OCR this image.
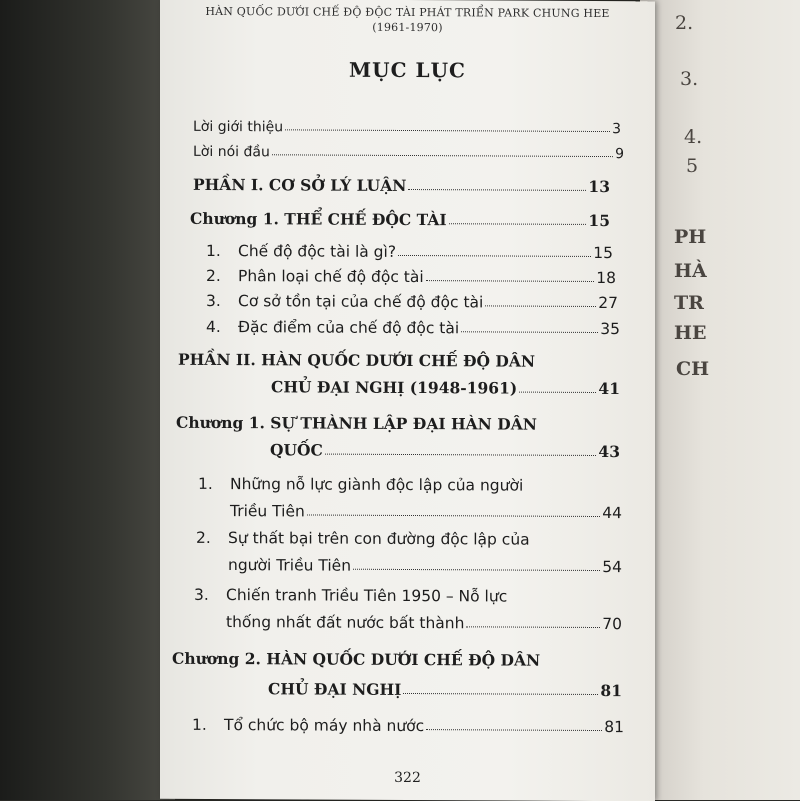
2.
3.
4.
5
PH
HÀ
TR
HE
CH
HÀN QUỐC DƯỚI CHẾ ĐỘ ĐỘC TÀI PHÁT TRIỂN PARK CHUNG HEE
(1961-1970)
MỤC LỤC
Lời giới thiệu	3
Lời nói đầu	9
PHẦN I. CƠ SỞ LÝ LUẬN	13
Chương 1. THỂ CHẾ ĐỘC TÀI	15
1. Chế độ độc tài là gì?	15
2. Phân loại chế độ độc tài	18
3. Cơ sở tồn tại của chế độ độc tài	27
4. Đặc điểm của chế độ độc tài	35
PHẦN II. HÀN QUỐC DƯỚI CHẾ ĐỘ DÂN
CHỦ ĐẠI NGHỊ (1948-1961)	41
Chương 1. SỰ THÀNH LẬP ĐẠI HÀN DÂN
QUỐC	43
1. Những nỗ lực giành độc lập của người
Triều Tiên	44
2. Sự thất bại trên con đường độc lập của
người Triều Tiên	54
3. Chiến tranh Triều Tiên 1950 – Nỗ lực
thống nhất đất nước bất thành	70
Chương 2. HÀN QUỐC DƯỚI CHẾ ĐỘ DÂN
CHỦ ĐẠI NGHỊ	81
1. Tổ chức bộ máy nhà nước	81
322
